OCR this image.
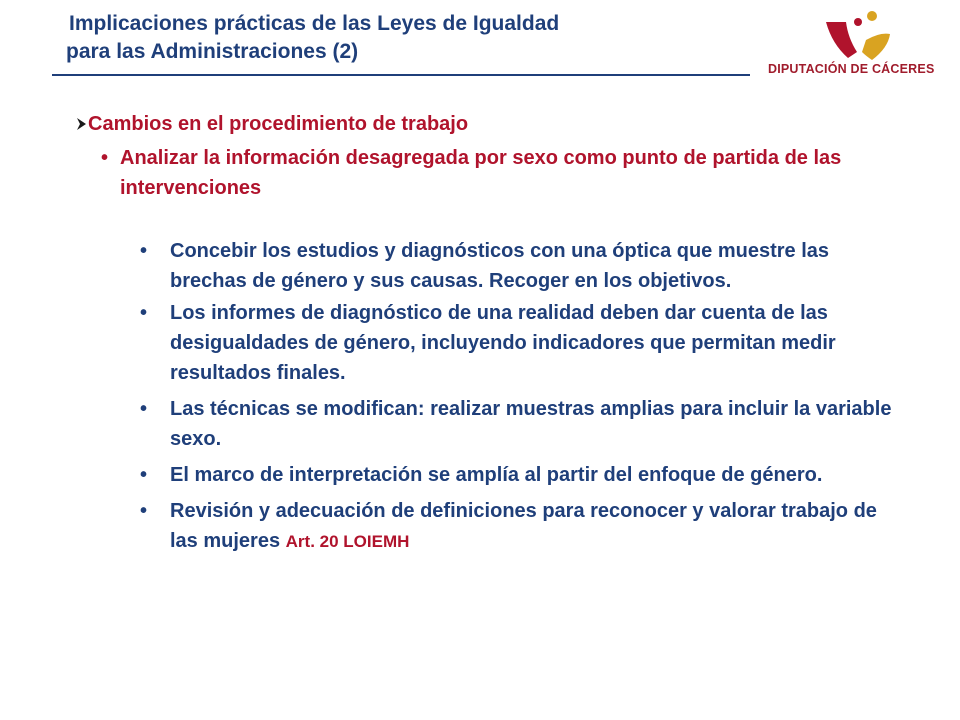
Implicaciones prácticas de las Leyes de Igualdad
para las Administraciones (2)
DIPUTACIÓN DE CÁCERES
Cambios en el procedimiento de trabajo
• Analizar la información desagregada por sexo como punto de partida de las intervenciones
• Concebir los estudios y diagnósticos con una óptica que muestre las brechas de género y sus causas. Recoger en los objetivos.
• Los informes de diagnóstico de una realidad deben dar cuenta de las desigualdades de género, incluyendo indicadores que permitan medir resultados finales.
• Las técnicas se modifican: realizar muestras amplias para incluir la variable sexo.
• El marco de interpretación se amplía al partir del enfoque de género.
• Revisión y adecuación de definiciones para reconocer y valorar trabajo de las mujeres Art. 20 LOIEMH
